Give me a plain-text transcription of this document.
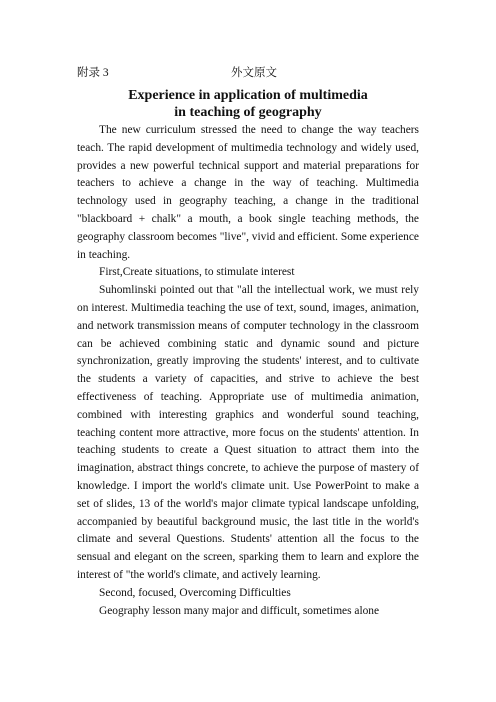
附录 3	外文原文
Experience in application of multimedia
in teaching of geography

The new curriculum stressed the need to change the way teachers teach. The rapid development of multimedia technology and widely used, provides a new powerful technical support and material preparations for teachers to achieve a change in the way of teaching. Multimedia technology used in geography teaching, a change in the traditional "blackboard + chalk" a mouth, a book single teaching methods, the geography classroom becomes "live", vivid and efficient. Some experience in teaching.

First,Create situations, to stimulate interest

Suhomlinski pointed out that "all the intellectual work, we must rely on interest. Multimedia teaching the use of text, sound, images, animation, and network transmission means of computer technology in the classroom can be achieved combining static and dynamic sound and picture synchronization, greatly improving the students' interest, and to cultivate the students a variety of capacities, and strive to achieve the best effectiveness of teaching. Appropriate use of multimedia animation, combined with interesting graphics and wonderful sound teaching, teaching content more attractive, more focus on the students' attention. In teaching students to create a Quest situation to attract them into the imagination, abstract things concrete, to achieve the purpose of mastery of knowledge. I import the world's climate unit. Use PowerPoint to make a set of slides, 13 of the world's major climate typical landscape unfolding, accompanied by beautiful background music, the last title in the world's climate and several Questions. Students' attention all the focus to the sensual and elegant on the screen, sparking them to learn and explore the interest of "the world's climate, and actively learning.

Second, focused, Overcoming Difficulties

Geography lesson many major and difficult, sometimes alone
